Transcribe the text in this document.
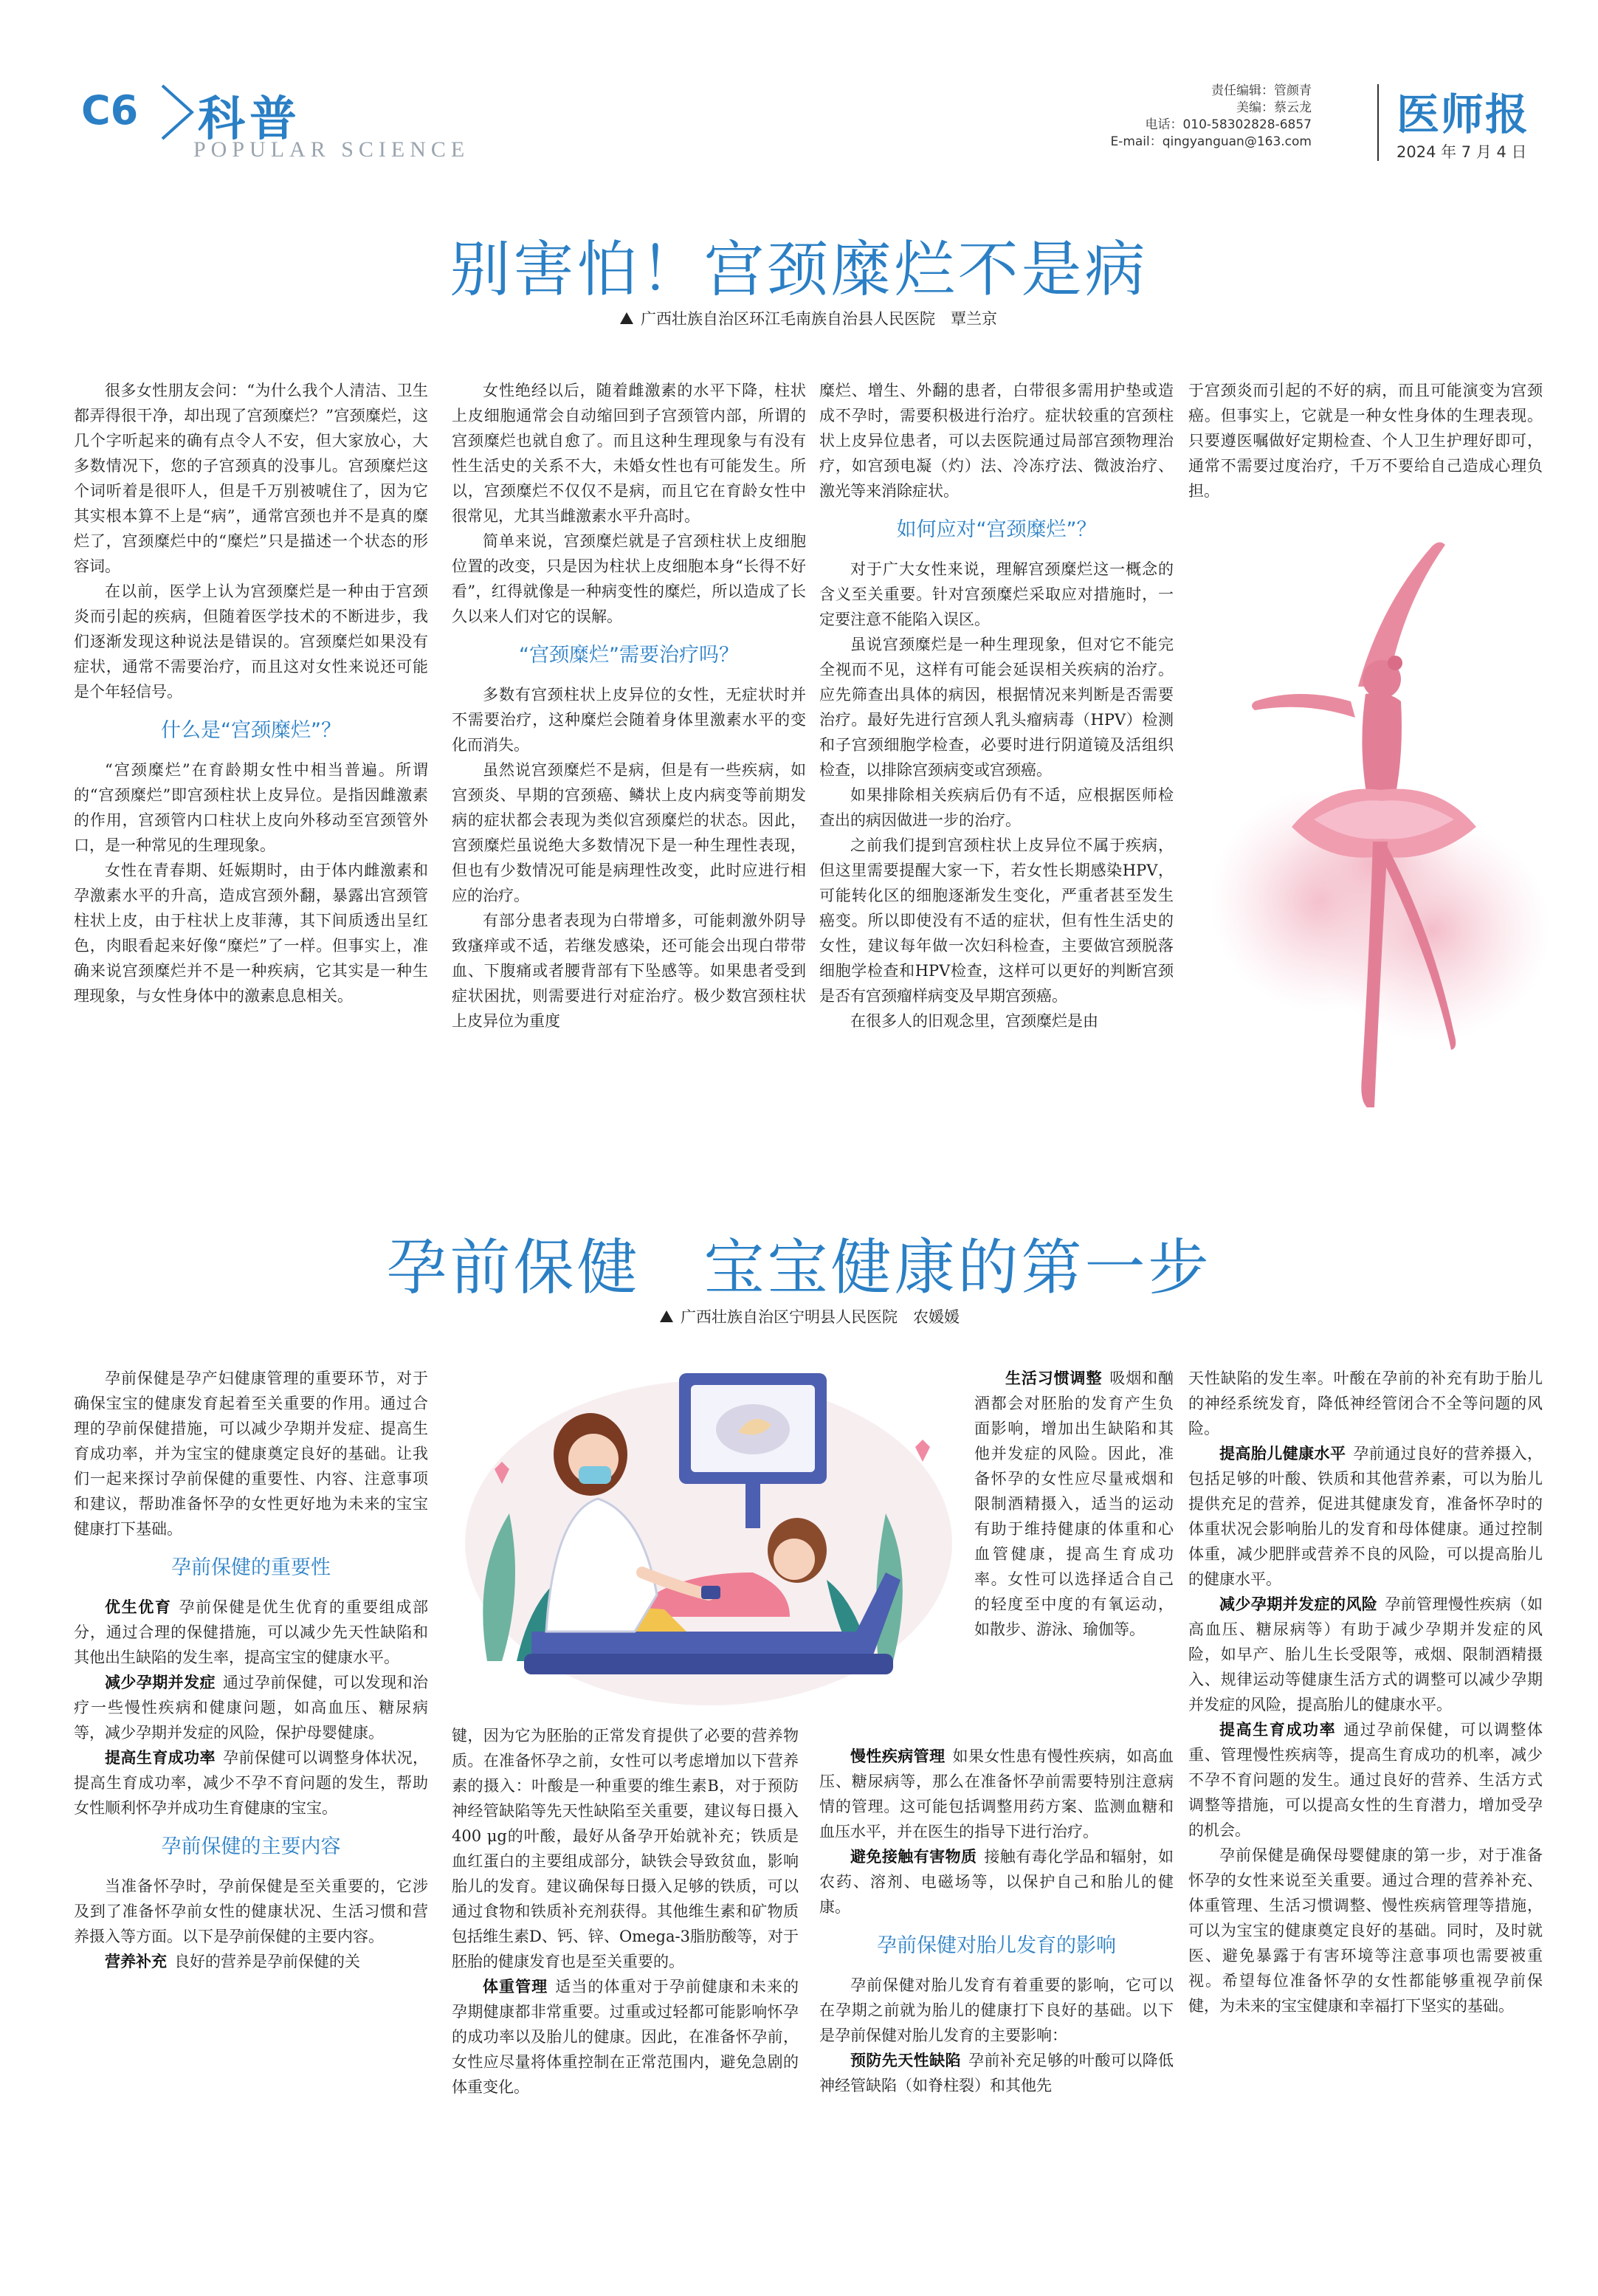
C6 科普
POPULAR SCIENCE
责任编辑：管颜青
美编：蔡云龙
电话：010-58302828-6857
E-mail：qingyanguan@163.com
医师报
2024 年 7 月 4 日
别害怕！宫颈糜烂不是病
广西壮族自治区环江毛南族自治县人民医院　覃兰京

很多女性朋友会问：“为什么我个人清洁、卫生都弄得很干净，却出现了宫颈糜烂？”宫颈糜烂，这几个字听起来的确有点令人不安，但大家放心，大多数情况下，您的子宫颈真的没事儿。宫颈糜烂这个词听着是很吓人，但是千万别被唬住了，因为它其实根本算不上是“病”，通常宫颈也并不是真的糜烂了，宫颈糜烂中的“糜烂”只是描述一个状态的形容词。

在以前，医学上认为宫颈糜烂是一种由于宫颈炎而引起的疾病，但随着医学技术的不断进步，我们逐渐发现这种说法是错误的。宫颈糜烂如果没有症状，通常不需要治疗，而且这对女性来说还可能是个年轻信号。

什么是“宫颈糜烂”？

“宫颈糜烂”在育龄期女性中相当普遍。所谓的“宫颈糜烂”即宫颈柱状上皮异位。是指因雌激素的作用，宫颈管内口柱状上皮向外移动至宫颈管外口，是一种常见的生理现象。

女性在青春期、妊娠期时，由于体内雌激素和孕激素水平的升高，造成宫颈外翻，暴露出宫颈管柱状上皮，由于柱状上皮菲薄，其下间质透出呈红色，肉眼看起来好像“糜烂”了一样。但事实上，准确来说宫颈糜烂并不是一种疾病，它其实是一种生理现象，与女性身体中的激素息息相关。

女性绝经以后，随着雌激素的水平下降，柱状上皮细胞通常会自动缩回到子宫颈管内部，所谓的宫颈糜烂也就自愈了。而且这种生理现象与有没有性生活史的关系不大，未婚女性也有可能发生。所以，宫颈糜烂不仅仅不是病，而且它在育龄女性中很常见，尤其当雌激素水平升高时。

简单来说，宫颈糜烂就是子宫颈柱状上皮细胞位置的改变，只是因为柱状上皮细胞本身“长得不好看”，红得就像是一种病变性的糜烂，所以造成了长久以来人们对它的误解。

“宫颈糜烂”需要治疗吗？

多数有宫颈柱状上皮异位的女性，无症状时并不需要治疗，这种糜烂会随着身体里激素水平的变化而消失。

虽然说宫颈糜烂不是病，但是有一些疾病，如宫颈炎、早期的宫颈癌、鳞状上皮内病变等前期发病的症状都会表现为类似宫颈糜烂的状态。因此，宫颈糜烂虽说绝大多数情况下是一种生理性表现，但也有少数情况可能是病理性改变，此时应进行相应的治疗。

有部分患者表现为白带增多，可能刺激外阴导致瘙痒或不适，若继发感染，还可能会出现白带带血、下腹痛或者腰背部有下坠感等。如果患者受到症状困扰，则需要进行对症治疗。极少数宫颈柱状上皮异位为重度

糜烂、增生、外翻的患者，白带很多需用护垫或造成不孕时，需要积极进行治疗。症状较重的宫颈柱状上皮异位患者，可以去医院通过局部宫颈物理治疗，如宫颈电凝（灼）法、冷冻疗法、微波治疗、激光等来消除症状。

如何应对“宫颈糜烂”？

对于广大女性来说，理解宫颈糜烂这一概念的含义至关重要。针对宫颈糜烂采取应对措施时，一定要注意不能陷入误区。

虽说宫颈糜烂是一种生理现象，但对它不能完全视而不见，这样有可能会延误相关疾病的治疗。应先筛查出具体的病因，根据情况来判断是否需要治疗。最好先进行宫颈人乳头瘤病毒（HPV）检测和子宫颈细胞学检查，必要时进行阴道镜及活组织检查，以排除宫颈病变或宫颈癌。

如果排除相关疾病后仍有不适，应根据医师检查出的病因做进一步的治疗。

之前我们提到宫颈柱状上皮异位不属于疾病，但这里需要提醒大家一下，若女性长期感染HPV，可能转化区的细胞逐渐发生变化，严重者甚至发生癌变。所以即使没有不适的症状，但有性生活史的女性，建议每年做一次妇科检查，主要做宫颈脱落细胞学检查和HPV检查，这样可以更好的判断宫颈是否有宫颈瘤样病变及早期宫颈癌。

在很多人的旧观念里，宫颈糜烂是由

于宫颈炎而引起的不好的病，而且可能演变为宫颈癌。但事实上，它就是一种女性身体的生理表现。只要遵医嘱做好定期检查、个人卫生护理好即可，通常不需要过度治疗，千万不要给自己造成心理负担。

孕前保健　宝宝健康的第一步
广西壮族自治区宁明县人民医院　农媛媛

孕前保健是孕产妇健康管理的重要环节，对于确保宝宝的健康发育起着至关重要的作用。通过合理的孕前保健措施，可以减少孕期并发症、提高生育成功率，并为宝宝的健康奠定良好的基础。让我们一起来探讨孕前保健的重要性、内容、注意事项和建议，帮助准备怀孕的女性更好地为未来的宝宝健康打下基础。

孕前保健的重要性

优生优育 孕前保健是优生优育的重要组成部分，通过合理的保健措施，可以减少先天性缺陷和其他出生缺陷的发生率，提高宝宝的健康水平。

减少孕期并发症 通过孕前保健，可以发现和治疗一些慢性疾病和健康问题，如高血压、糖尿病等，减少孕期并发症的风险，保护母婴健康。

提高生育成功率 孕前保健可以调整身体状况，提高生育成功率，减少不孕不育问题的发生，帮助女性顺利怀孕并成功生育健康的宝宝。

孕前保健的主要内容

当准备怀孕时，孕前保健是至关重要的，它涉及到了准备怀孕前女性的健康状况、生活习惯和营养摄入等方面。以下是孕前保健的主要内容。

营养补充 良好的营养是孕前保健的关

键，因为它为胚胎的正常发育提供了必要的营养物质。在准备怀孕之前，女性可以考虑增加以下营养素的摄入：叶酸是一种重要的维生素B，对于预防神经管缺陷等先天性缺陷至关重要，建议每日摄入400 μg的叶酸，最好从备孕开始就补充；铁质是血红蛋白的主要组成部分，缺铁会导致贫血，影响胎儿的发育。建议确保每日摄入足够的铁质，可以通过食物和铁质补充剂获得。其他维生素和矿物质包括维生素D、钙、锌、Omega-3脂肪酸等，对于胚胎的健康发育也是至关重要的。

体重管理 适当的体重对于孕前健康和未来的孕期健康都非常重要。过重或过轻都可能影响怀孕的成功率以及胎儿的健康。因此，在准备怀孕前，女性应尽量将体重控制在正常范围内，避免急剧的体重变化。

生活习惯调整 吸烟和酗酒都会对胚胎的发育产生负面影响，增加出生缺陷和其他并发症的风险。因此，准备怀孕的女性应尽量戒烟和限制酒精摄入，适当的运动有助于维持健康的体重和心血管健康，提高生育成功率。女性可以选择适合自己的轻度至中度的有氧运动，如散步、游泳、瑜伽等。

慢性疾病管理 如果女性患有慢性疾病，如高血压、糖尿病等，那么在准备怀孕前需要特别注意病情的管理。这可能包括调整用药方案、监测血糖和血压水平，并在医生的指导下进行治疗。

避免接触有害物质 接触有毒化学品和辐射，如农药、溶剂、电磁场等，以保护自己和胎儿的健康。

孕前保健对胎儿发育的影响

孕前保健对胎儿发育有着重要的影响，它可以在孕期之前就为胎儿的健康打下良好的基础。以下是孕前保健对胎儿发育的主要影响：

预防先天性缺陷 孕前补充足够的叶酸可以降低神经管缺陷（如脊柱裂）和其他先

天性缺陷的发生率。叶酸在孕前的补充有助于胎儿的神经系统发育，降低神经管闭合不全等问题的风险。

提高胎儿健康水平 孕前通过良好的营养摄入，包括足够的叶酸、铁质和其他营养素，可以为胎儿提供充足的营养，促进其健康发育，准备怀孕时的体重状况会影响胎儿的发育和母体健康。通过控制体重，减少肥胖或营养不良的风险，可以提高胎儿的健康水平。

减少孕期并发症的风险 孕前管理慢性疾病（如高血压、糖尿病等）有助于减少孕期并发症的风险，如早产、胎儿生长受限等，戒烟、限制酒精摄入、规律运动等健康生活方式的调整可以减少孕期并发症的风险，提高胎儿的健康水平。

提高生育成功率 通过孕前保健，可以调整体重、管理慢性疾病等，提高生育成功的机率，减少不孕不育问题的发生。通过良好的营养、生活方式调整等措施，可以提高女性的生育潜力，增加受孕的机会。

孕前保健是确保母婴健康的第一步，对于准备怀孕的女性来说至关重要。通过合理的营养补充、体重管理、生活习惯调整、慢性疾病管理等措施，可以为宝宝的健康奠定良好的基础。同时，及时就医、避免暴露于有害环境等注意事项也需要被重视。希望每位准备怀孕的女性都能够重视孕前保健，为未来的宝宝健康和幸福打下坚实的基础。
